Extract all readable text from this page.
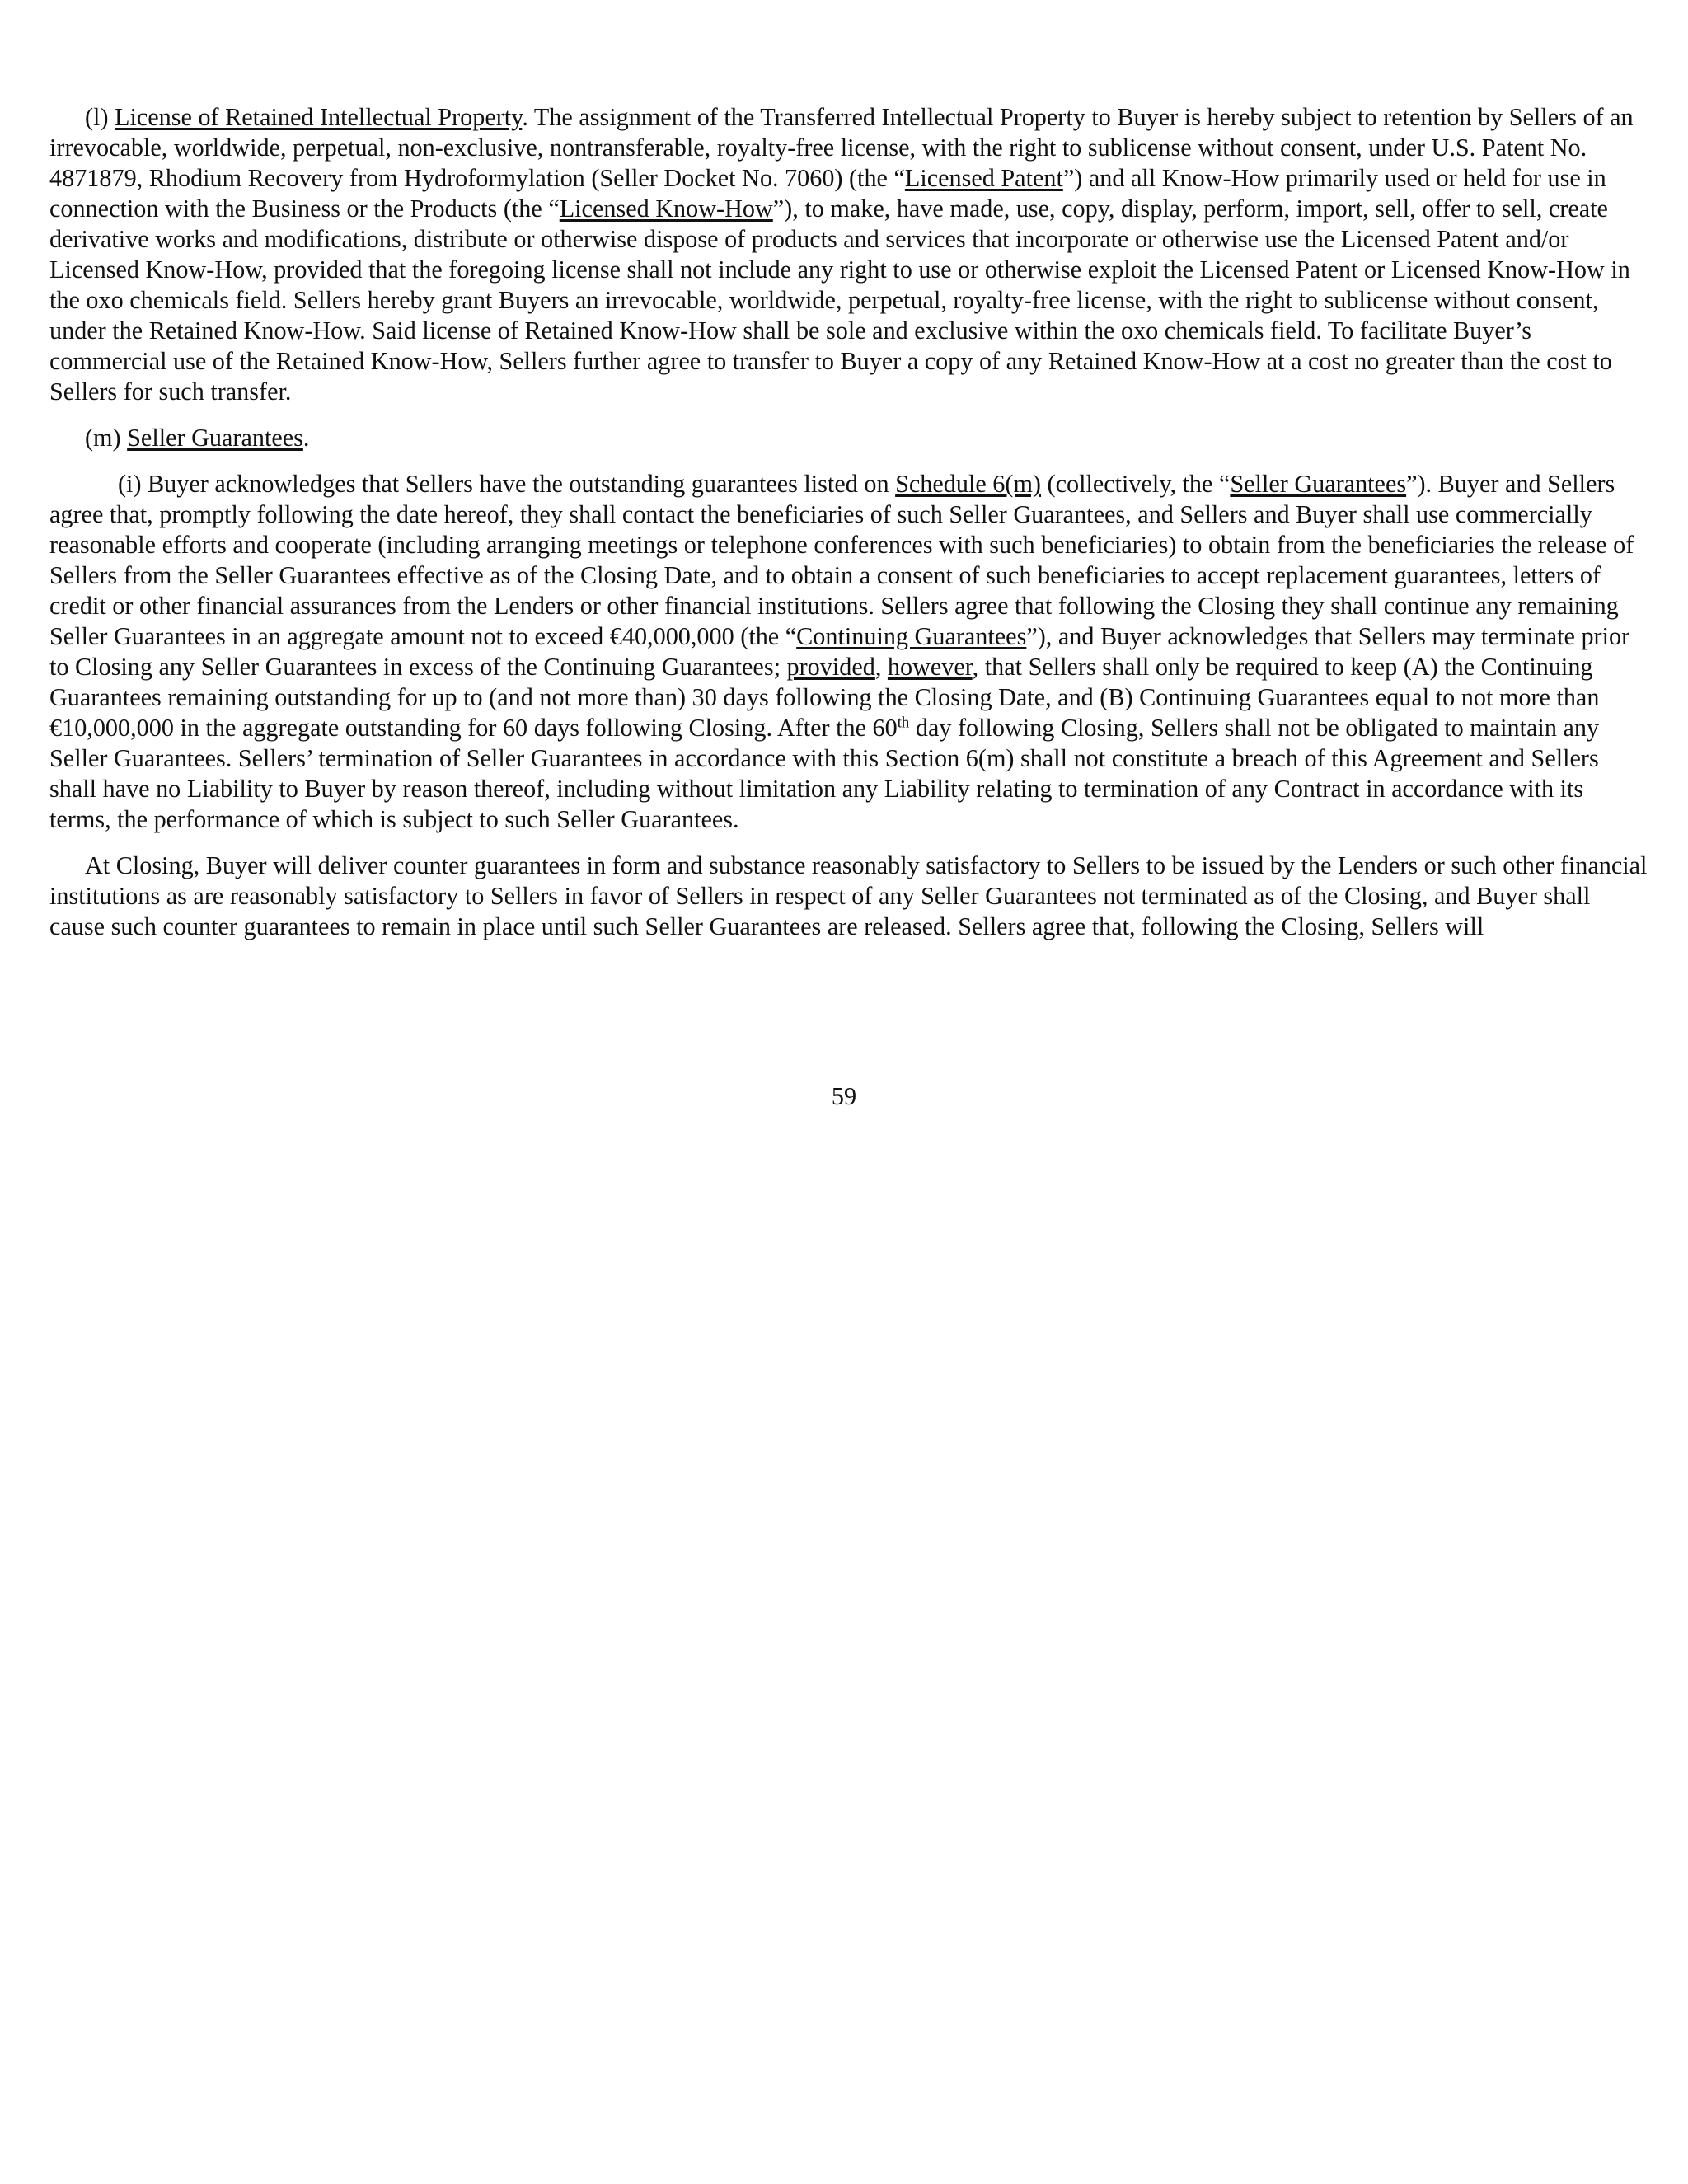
(l) License of Retained Intellectual Property. The assignment of the Transferred Intellectual Property to Buyer is hereby subject to retention by Sellers of an irrevocable, worldwide, perpetual, non-exclusive, nontransferable, royalty-free license, with the right to sublicense without consent, under U.S. Patent No. 4871879, Rhodium Recovery from Hydroformylation (Seller Docket No. 7060) (the “Licensed Patent”) and all Know-How primarily used or held for use in connection with the Business or the Products (the “Licensed Know-How”), to make, have made, use, copy, display, perform, import, sell, offer to sell, create derivative works and modifications, distribute or otherwise dispose of products and services that incorporate or otherwise use the Licensed Patent and/or Licensed Know-How, provided that the foregoing license shall not include any right to use or otherwise exploit the Licensed Patent or Licensed Know-How in the oxo chemicals field. Sellers hereby grant Buyers an irrevocable, worldwide, perpetual, royalty-free license, with the right to sublicense without consent, under the Retained Know-How. Said license of Retained Know-How shall be sole and exclusive within the oxo chemicals field. To facilitate Buyer’s commercial use of the Retained Know-How, Sellers further agree to transfer to Buyer a copy of any Retained Know-How at a cost no greater than the cost to Sellers for such transfer.

(m) Seller Guarantees.

(i) Buyer acknowledges that Sellers have the outstanding guarantees listed on Schedule 6(m) (collectively, the “Seller Guarantees”). Buyer and Sellers agree that, promptly following the date hereof, they shall contact the beneficiaries of such Seller Guarantees, and Sellers and Buyer shall use commercially reasonable efforts and cooperate (including arranging meetings or telephone conferences with such beneficiaries) to obtain from the beneficiaries the release of Sellers from the Seller Guarantees effective as of the Closing Date, and to obtain a consent of such beneficiaries to accept replacement guarantees, letters of credit or other financial assurances from the Lenders or other financial institutions. Sellers agree that following the Closing they shall continue any remaining Seller Guarantees in an aggregate amount not to exceed €40,000,000 (the “Continuing Guarantees”), and Buyer acknowledges that Sellers may terminate prior to Closing any Seller Guarantees in excess of the Continuing Guarantees; provided, however, that Sellers shall only be required to keep (A) the Continuing Guarantees remaining outstanding for up to (and not more than) 30 days following the Closing Date, and (B) Continuing Guarantees equal to not more than €10,000,000 in the aggregate outstanding for 60 days following Closing. After the 60th day following Closing, Sellers shall not be obligated to maintain any Seller Guarantees. Sellers’ termination of Seller Guarantees in accordance with this Section 6(m) shall not constitute a breach of this Agreement and Sellers shall have no Liability to Buyer by reason thereof, including without limitation any Liability relating to termination of any Contract in accordance with its terms, the performance of which is subject to such Seller Guarantees.

At Closing, Buyer will deliver counter guarantees in form and substance reasonably satisfactory to Sellers to be issued by the Lenders or such other financial institutions as are reasonably satisfactory to Sellers in favor of Sellers in respect of any Seller Guarantees not terminated as of the Closing, and Buyer shall cause such counter guarantees to remain in place until such Seller Guarantees are released. Sellers agree that, following the Closing, Sellers will

59
